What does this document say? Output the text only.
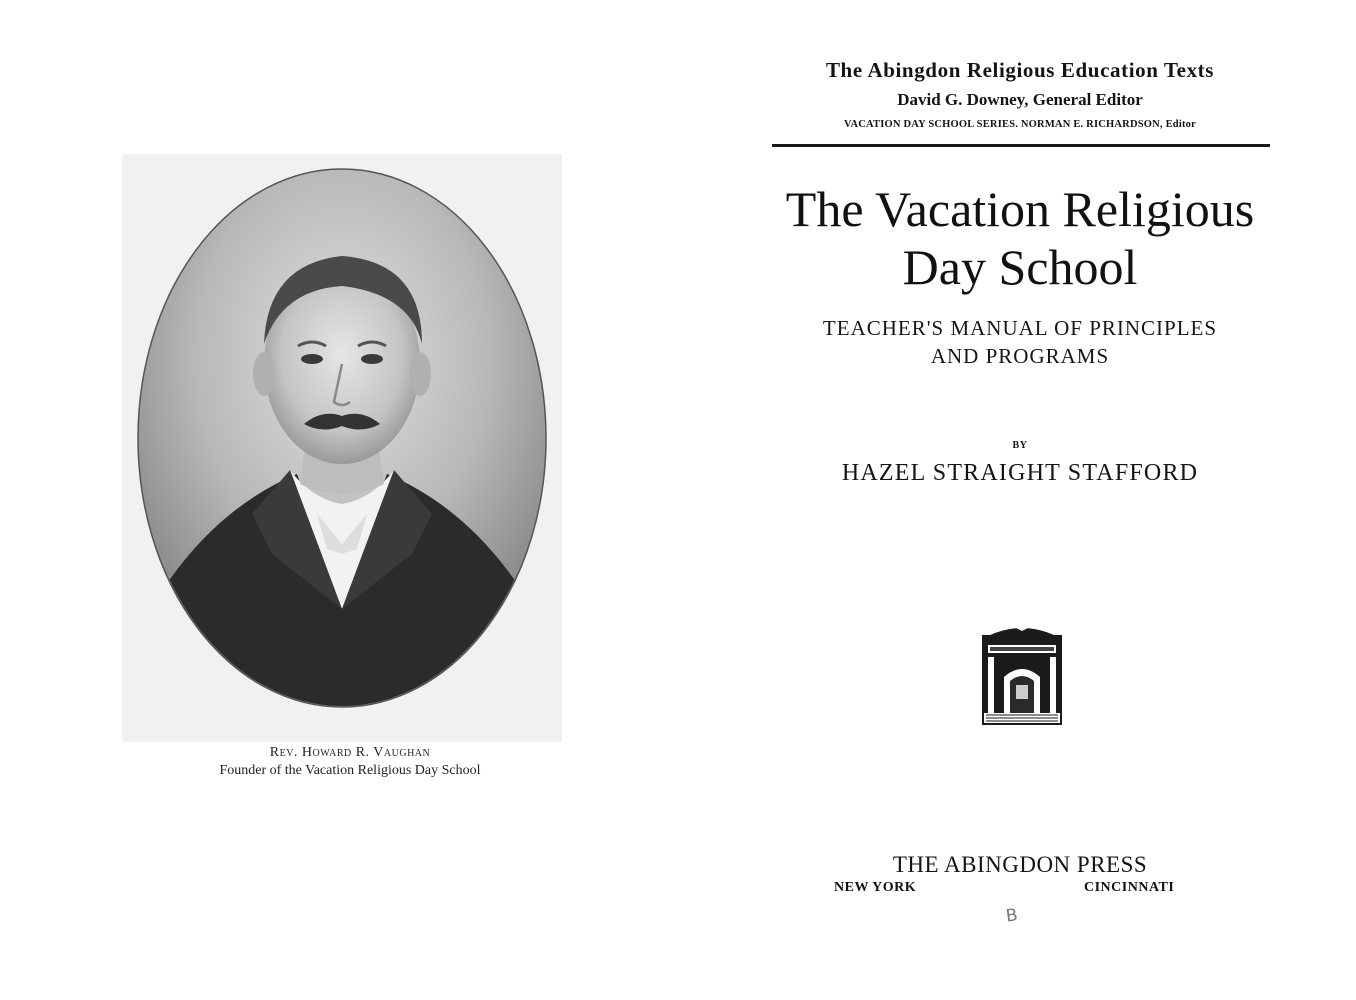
Rev. Howard R. Vaughan
Founder of the Vacation Religious Day School
The Abingdon Religious Education Texts
David G. Downey, General Editor
VACATION DAY SCHOOL SERIES. NORMAN E. RICHARDSON, Editor
The Vacation Religious
Day School
TEACHER'S MANUAL OF PRINCIPLES
AND PROGRAMS
BY
HAZEL STRAIGHT STAFFORD
THE ABINGDON PRESS
NEW YORK	CINCINNATI
B
